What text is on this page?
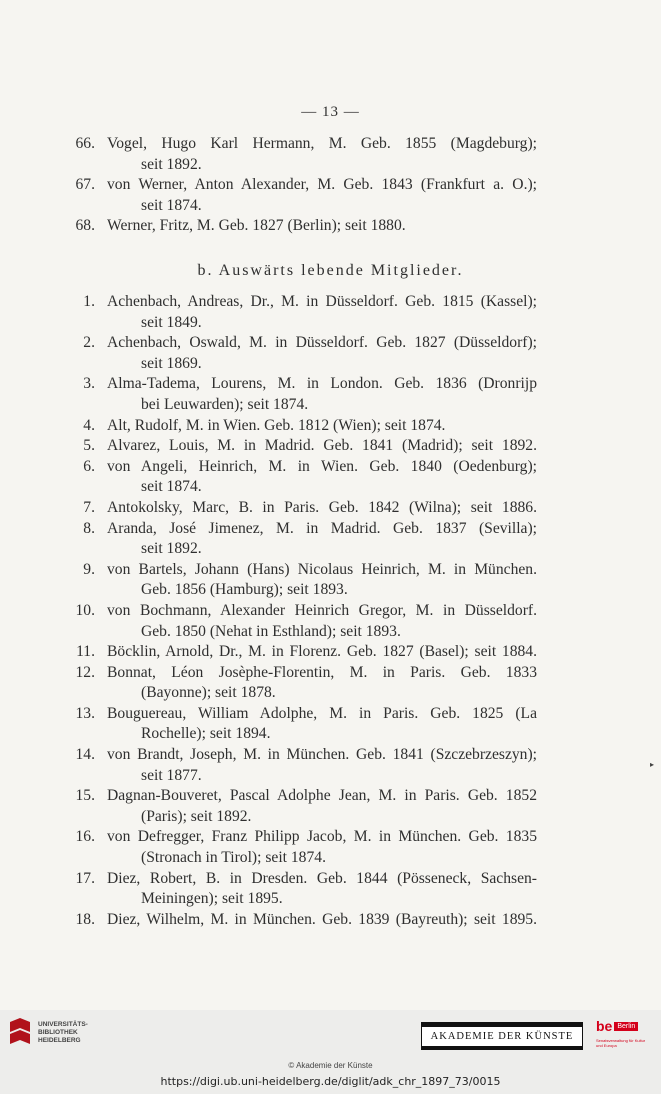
— 13 —
66. Vogel, Hugo Karl Hermann, M. Geb. 1855 (Magdeburg);
seit 1892.
67. von Werner, Anton Alexander, M. Geb. 1843 (Frankfurt a. O.);
seit 1874.
68. Werner, Fritz, M. Geb. 1827 (Berlin); seit 1880.
b. Auswärts lebende Mitglieder.
1. Achenbach, Andreas, Dr., M. in Düsseldorf. Geb. 1815 (Kassel);
seit 1849.
2. Achenbach, Oswald, M. in Düsseldorf. Geb. 1827 (Düsseldorf);
seit 1869.
3. Alma-Tadema, Lourens, M. in London. Geb. 1836 (Dronrijp
bei Leuwarden); seit 1874.
4. Alt, Rudolf, M. in Wien. Geb. 1812 (Wien); seit 1874.
5. Alvarez, Louis, M. in Madrid. Geb. 1841 (Madrid); seit 1892.
6. von Angeli, Heinrich, M. in Wien. Geb. 1840 (Oedenburg);
seit 1874.
7. Antokolsky, Marc, B. in Paris. Geb. 1842 (Wilna); seit 1886.
8. Aranda, José Jimenez, M. in Madrid. Geb. 1837 (Sevilla);
seit 1892.
9. von Bartels, Johann (Hans) Nicolaus Heinrich, M. in München.
Geb. 1856 (Hamburg); seit 1893.
10. von Bochmann, Alexander Heinrich Gregor, M. in Düsseldorf.
Geb. 1850 (Nehat in Esthland); seit 1893.
11. Böcklin, Arnold, Dr., M. in Florenz. Geb. 1827 (Basel); seit 1884.
12. Bonnat, Léon Josèphe-Florentin, M. in Paris. Geb. 1833
(Bayonne); seit 1878.
13. Bouguereau, William Adolphe, M. in Paris. Geb. 1825 (La
Rochelle); seit 1894.
14. von Brandt, Joseph, M. in München. Geb. 1841 (Szczebrzeszyn);
seit 1877.
15. Dagnan-Bouveret, Pascal Adolphe Jean, M. in Paris. Geb. 1852
(Paris); seit 1892.
16. von Defregger, Franz Philipp Jacob, M. in München. Geb. 1835
(Stronach in Tirol); seit 1874.
17. Diez, Robert, B. in Dresden. Geb. 1844 (Pösseneck, Sachsen-
Meiningen); seit 1895.
18. Diez, Wilhelm, M. in München. Geb. 1839 (Bayreuth); seit 1895.
▸
UNIVERSITÄTS-
BIBLIOTHEK
HEIDELBERG	AKADEMIE DER KÜNSTE
be Berlin
Senatsverwaltung für Kultur und Europa
© Akademie der Künste
https://digi.ub.uni-heidelberg.de/diglit/adk_chr_1897_73/0015
